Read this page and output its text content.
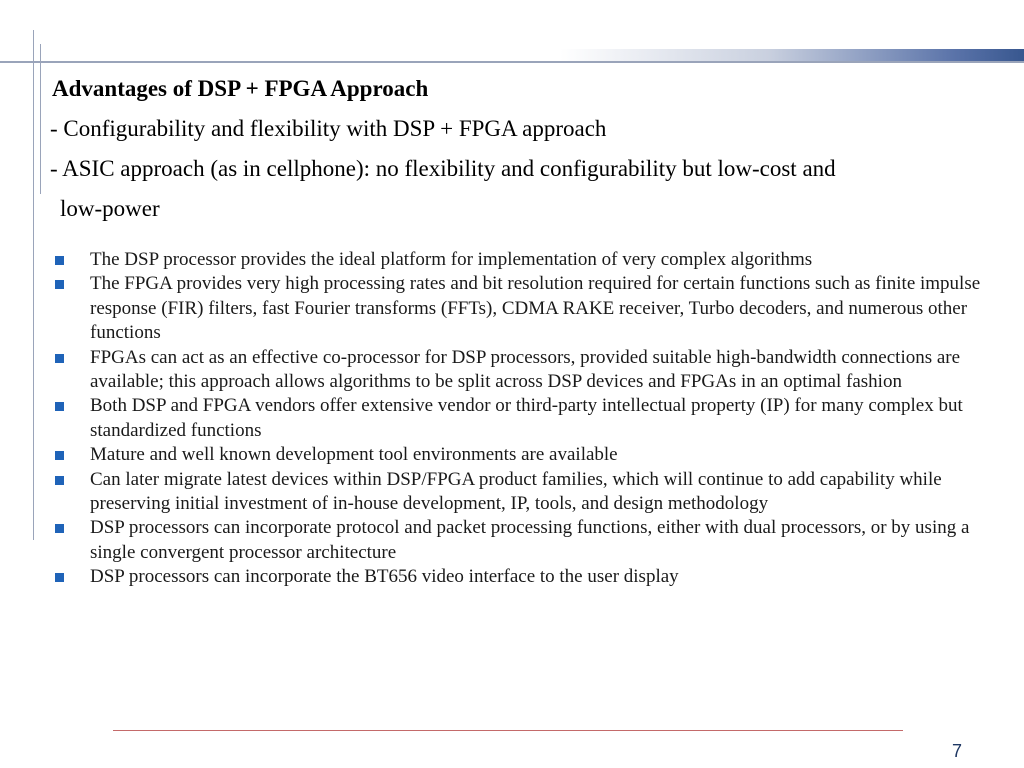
Advantages of DSP + FPGA Approach
- Configurability and flexibility with DSP + FPGA approach
- ASIC approach (as in cellphone): no flexibility and configurability but low-cost and
low-power
The DSP processor provides the ideal platform for implementation of very complex algorithms
The FPGA provides very high processing rates and bit resolution required for certain functions such as finite impulse response (FIR) filters, fast Fourier transforms (FFTs), CDMA RAKE receiver, Turbo decoders, and numerous other functions
FPGAs can act as an effective co-processor for DSP processors, provided suitable high-bandwidth connections are available; this approach allows algorithms to be split across DSP devices and FPGAs in an optimal fashion
Both DSP and FPGA vendors offer extensive vendor or third-party intellectual property (IP) for many complex but standardized functions
Mature and well known development tool environments are available
Can later migrate latest devices within DSP/FPGA product families, which will continue to add capability while preserving initial investment of in-house development, IP, tools, and design methodology
DSP processors can incorporate protocol and packet processing functions, either with dual processors, or by using a single convergent processor architecture
DSP processors can incorporate the BT656 video interface to the user display
7
